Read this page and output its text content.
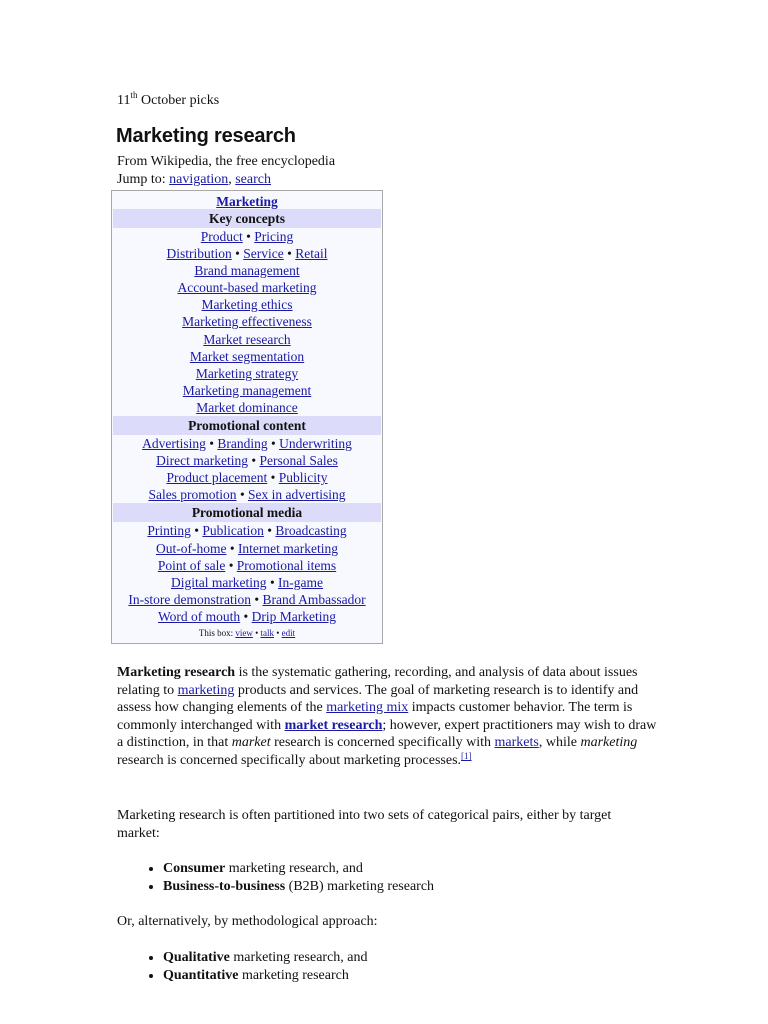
11th October picks
Marketing research
From Wikipedia, the free encyclopedia
Jump to: navigation, search
Marketing
Key concepts
Product • Pricing
Distribution • Service • Retail
Brand management
Account-based marketing
Marketing ethics
Marketing effectiveness
Market research
Market segmentation
Marketing strategy
Marketing management
Market dominance
Promotional content
Advertising • Branding • Underwriting
Direct marketing • Personal Sales
Product placement • Publicity
Sales promotion • Sex in advertising
Promotional media
Printing • Publication • Broadcasting
Out-of-home • Internet marketing
Point of sale • Promotional items
Digital marketing • In-game
In-store demonstration • Brand Ambassador
Word of mouth • Drip Marketing
This box: view • talk • edit
Marketing research is the systematic gathering, recording, and analysis of data about issues relating to marketing products and services. The goal of marketing research is to identify and assess how changing elements of the marketing mix impacts customer behavior. The term is commonly interchanged with market research; however, expert practitioners may wish to draw a distinction, in that market research is concerned specifically with markets, while marketing research is concerned specifically about marketing processes.[1]
Marketing research is often partitioned into two sets of categorical pairs, either by target market:
• Consumer marketing research, and
• Business-to-business (B2B) marketing research
Or, alternatively, by methodological approach:
• Qualitative marketing research, and
• Quantitative marketing research
